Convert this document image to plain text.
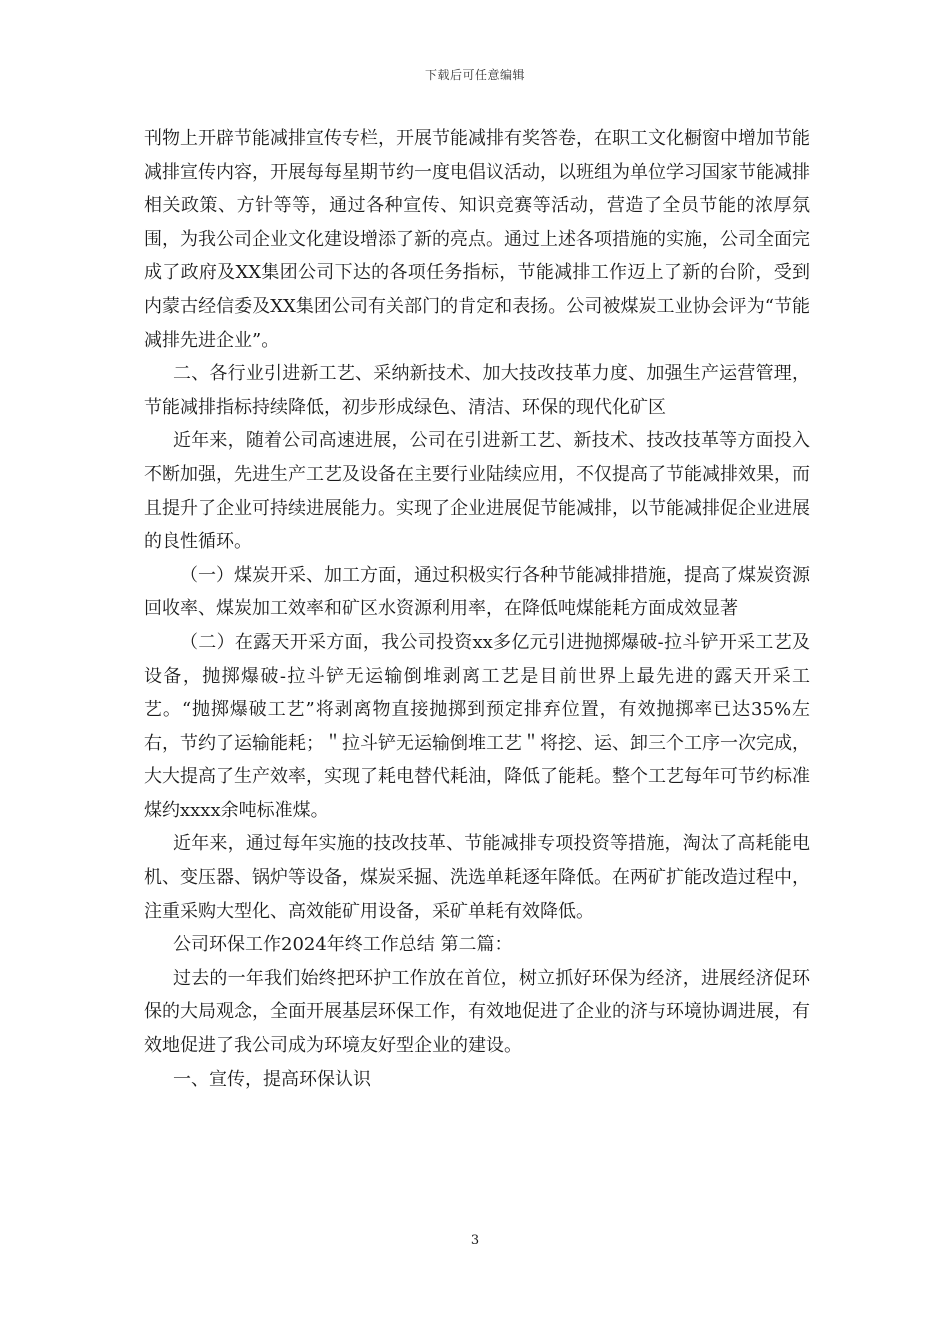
下载后可任意编辑

刊物上开辟节能减排宣传专栏，开展节能减排有奖答卷，在职工文化橱窗中增加节能减排宣传内容，开展每每星期节约一度电倡议活动，以班组为单位学习国家节能减排相关政策、方针等等，通过各种宣传、知识竞赛等活动，营造了全员节能的浓厚氛围，为我公司企业文化建设增添了新的亮点。通过上述各项措施的实施，公司全面完成了政府及XX集团公司下达的各项任务指标，节能减排工作迈上了新的台阶，受到内蒙古经信委及XX集团公司有关部门的肯定和表扬。公司被煤炭工业协会评为“节能减排先进企业”。

二、各行业引进新工艺、采纳新技术、加大技改技革力度、加强生产运营管理，节能减排指标持续降低，初步形成绿色、清洁、环保的现代化矿区

近年来，随着公司高速进展，公司在引进新工艺、新技术、技改技革等方面投入不断加强，先进生产工艺及设备在主要行业陆续应用，不仅提高了节能减排效果，而且提升了企业可持续进展能力。实现了企业进展促节能减排，以节能减排促企业进展的良性循环。

（一）煤炭开采、加工方面，通过积极实行各种节能减排措施，提高了煤炭资源回收率、煤炭加工效率和矿区水资源利用率，在降低吨煤能耗方面成效显著

（二）在露天开采方面，我公司投资xx多亿元引进抛掷爆破-拉斗铲开采工艺及设备，抛掷爆破-拉斗铲无运输倒堆剥离工艺是目前世界上最先进的露天开采工艺。“抛掷爆破工艺”将剥离物直接抛掷到预定排弃位置，有效抛掷率已达35%左右，节约了运输能耗；＂拉斗铲无运输倒堆工艺＂将挖、运、卸三个工序一次完成，大大提高了生产效率，实现了耗电替代耗油，降低了能耗。整个工艺每年可节约标准煤约xxxx余吨标准煤。

近年来，通过每年实施的技改技革、节能减排专项投资等措施，淘汰了高耗能电机、变压器、锅炉等设备，煤炭采掘、洗选单耗逐年降低。在两矿扩能改造过程中，注重采购大型化、高效能矿用设备，采矿单耗有效降低。

公司环保工作2024年终工作总结 第二篇：

过去的一年我们始终把环护工作放在首位，树立抓好环保为经济，进展经济促环保的大局观念，全面开展基层环保工作，有效地促进了企业的济与环境协调进展，有效地促进了我公司成为环境友好型企业的建设。

一、宣传，提高环保认识

3
